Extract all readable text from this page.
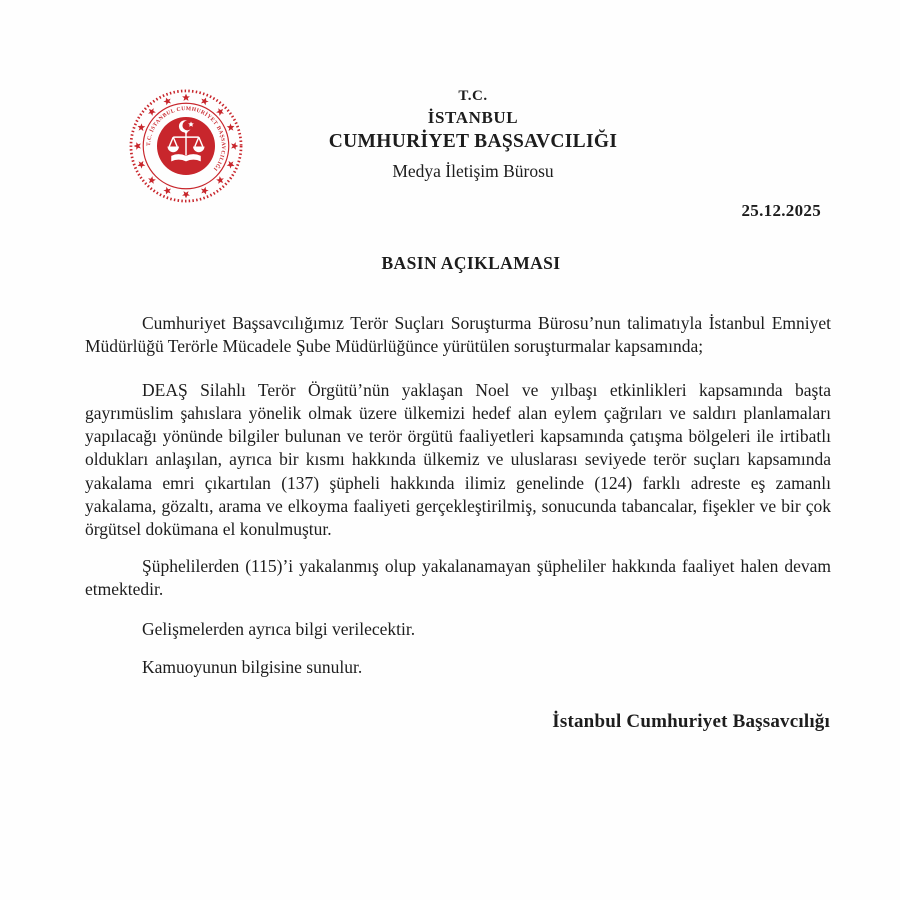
T.C. İSTANBUL CUMHURİYET BAŞSAVCILIĞI
T.C.
İSTANBUL
CUMHURİYET BAŞSAVCILIĞI
Medya İletişim Bürosu
25.12.2025
BASIN AÇIKLAMASI

Cumhuriyet Başsavcılığımız Terör Suçları Soruşturma Bürosu’nun talimatıyla İstanbul Emniyet Müdürlüğü Terörle Mücadele Şube Müdürlüğünce yürütülen soruşturmalar kapsamında;

DEAŞ Silahlı Terör Örgütü’nün yaklaşan Noel ve yılbaşı etkinlikleri kapsamında başta gayrımüslim şahıslara yönelik olmak üzere ülkemizi hedef alan eylem çağrıları ve saldırı planlamaları yapılacağı yönünde bilgiler bulunan ve terör örgütü faaliyetleri kapsamında çatışma bölgeleri ile irtibatlı oldukları anlaşılan, ayrıca bir kısmı hakkında ülkemiz ve uluslarası seviyede terör suçları kapsamında yakalama emri çıkartılan (137) şüpheli hakkında ilimiz genelinde (124) farklı adreste eş zamanlı yakalama, gözaltı, arama ve elkoyma faaliyeti gerçekleştirilmiş, sonucunda tabancalar, fişekler ve bir çok örgütsel dokümana el konulmuştur.

Şüphelilerden (115)’i yakalanmış olup yakalanamayan şüpheliler hakkında faaliyet halen devam etmektedir.

Gelişmelerden ayrıca bilgi verilecektir.

Kamuoyunun bilgisine sunulur.

İstanbul Cumhuriyet Başsavcılığı
